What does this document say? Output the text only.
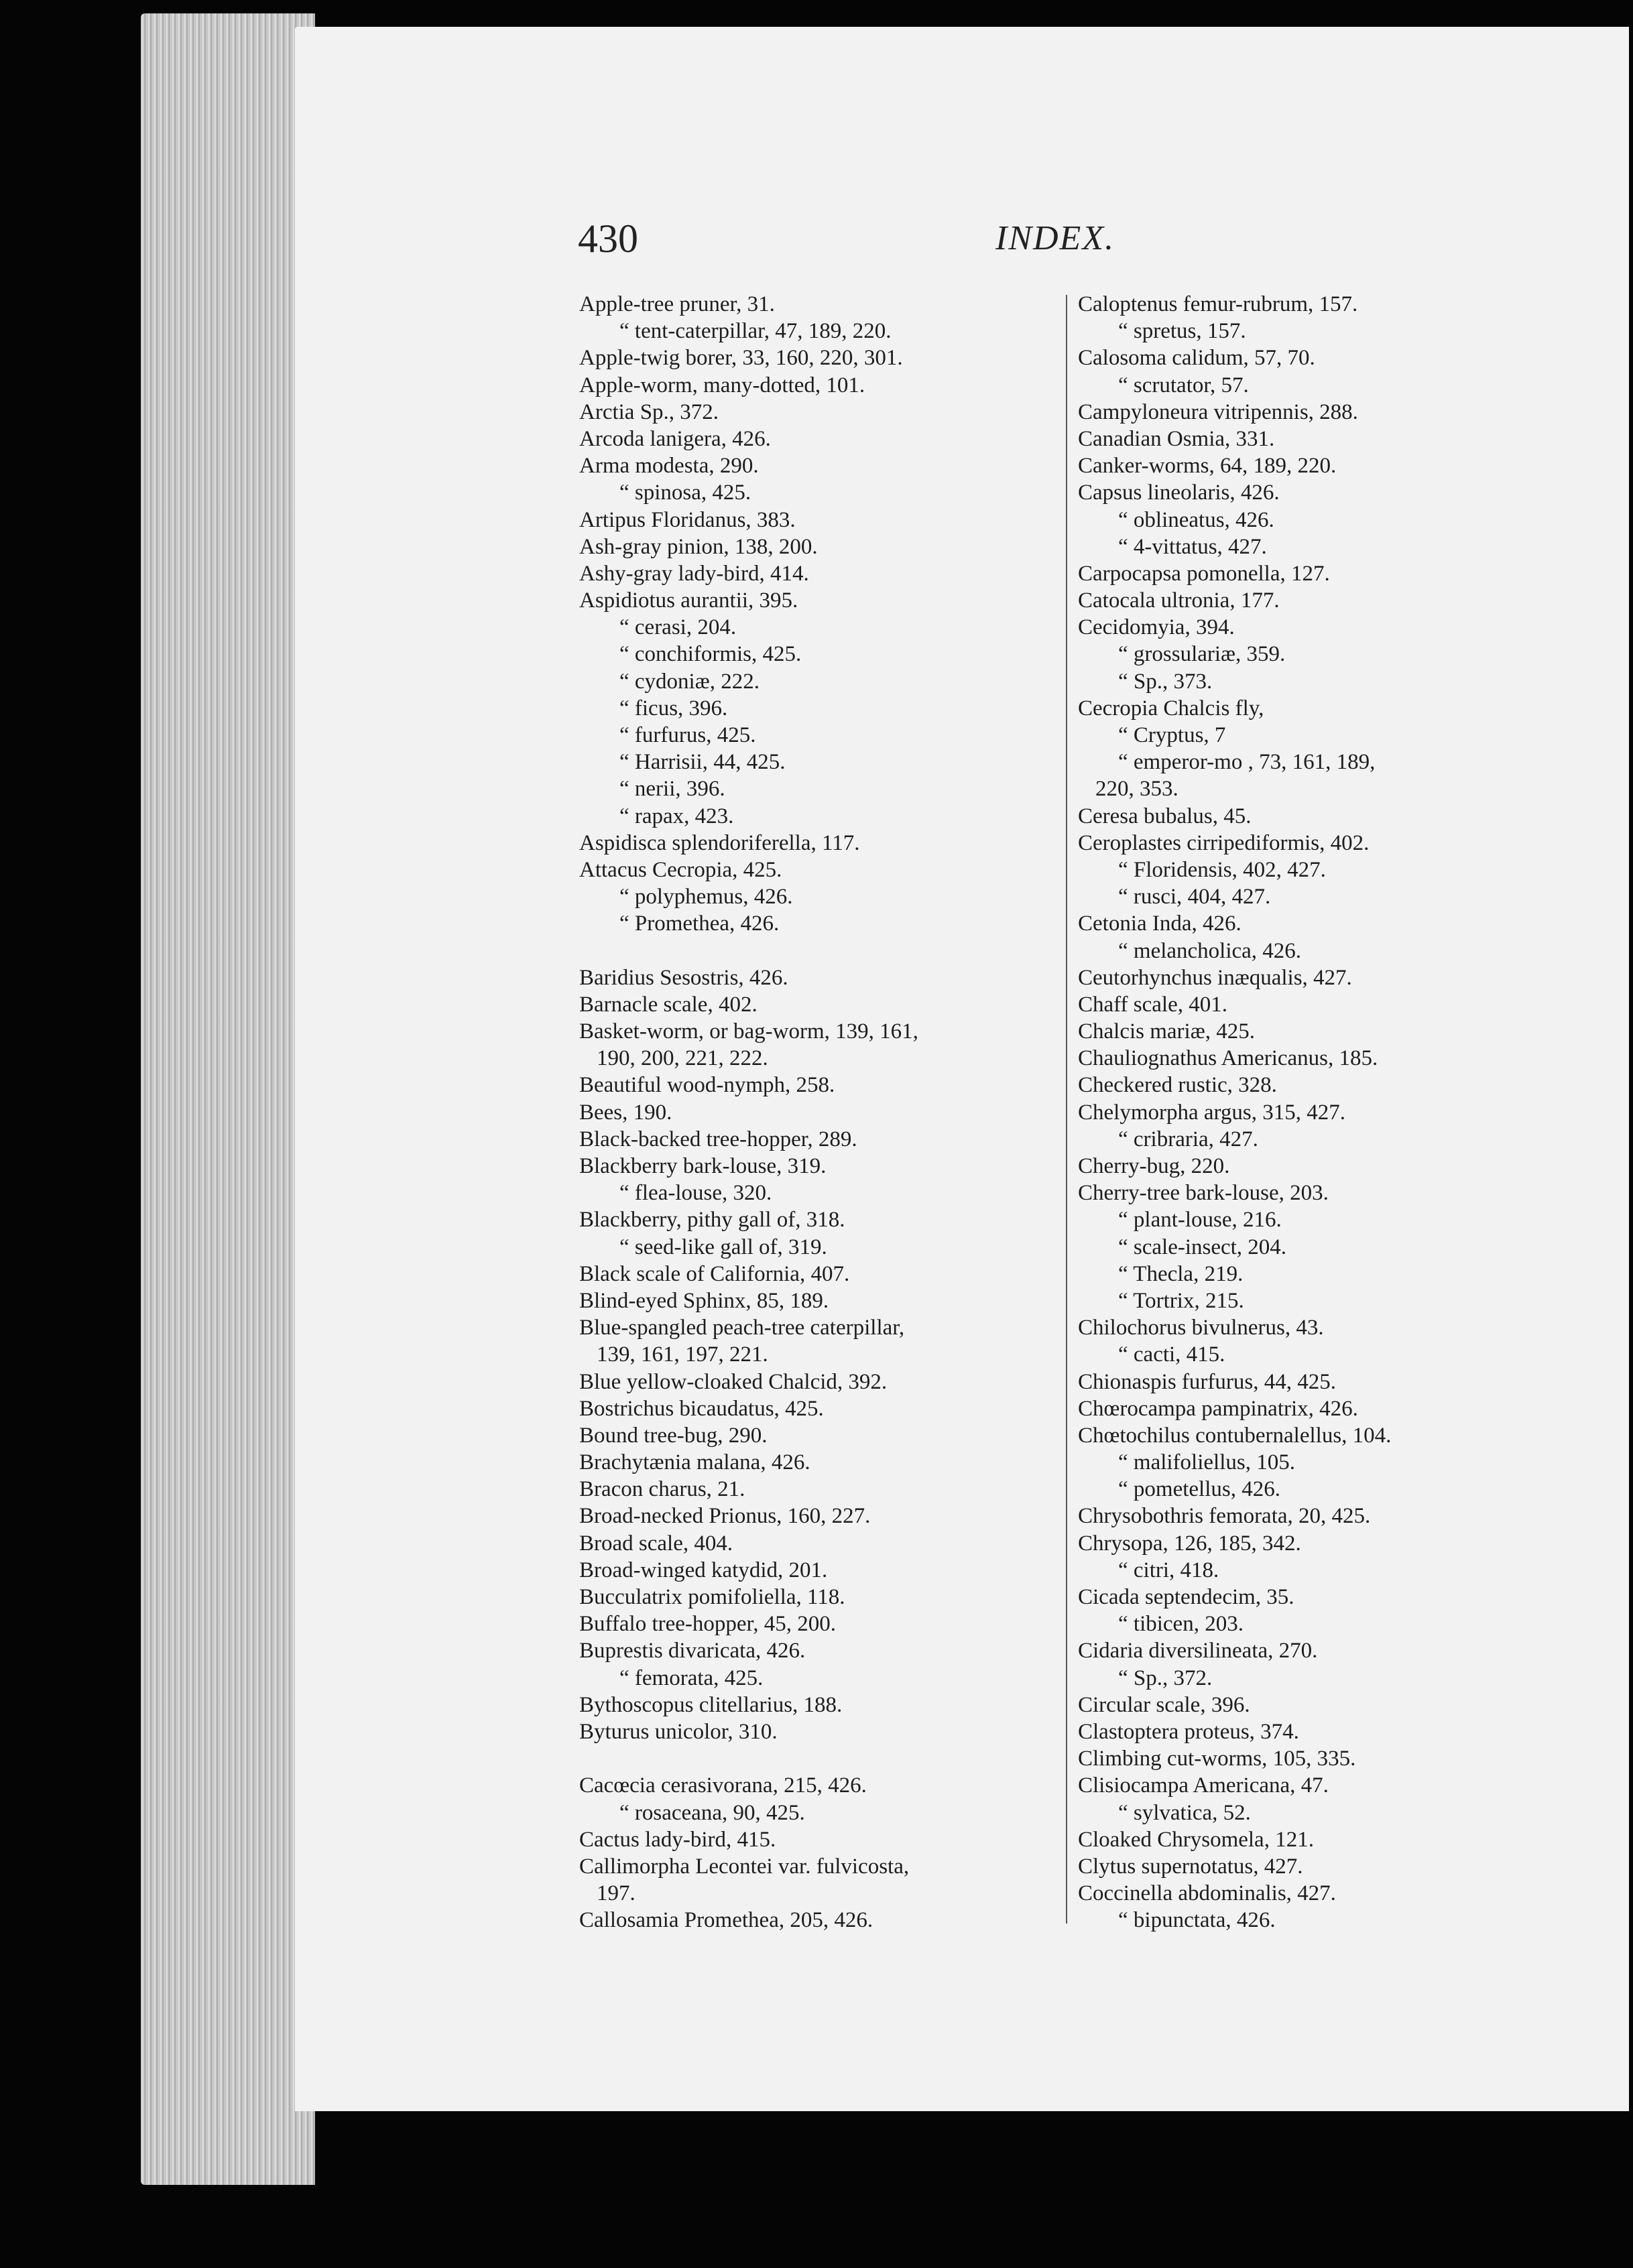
430	INDEX.
Apple-tree pruner, 31.
“ tent-caterpillar, 47, 189, 220.
Apple-twig borer, 33, 160, 220, 301.
Apple-worm, many-dotted, 101.
Arctia Sp., 372.
Arcoda lanigera, 426.
Arma modesta, 290.
“ spinosa, 425.
Artipus Floridanus, 383.
Ash-gray pinion, 138, 200.
Ashy-gray lady-bird, 414.
Aspidiotus aurantii, 395.
“ cerasi, 204.
“ conchiformis, 425.
“ cydoniæ, 222.
“ ficus, 396.
“ furfurus, 425.
“ Harrisii, 44, 425.
“ nerii, 396.
“ rapax, 423.
Aspidisca splendoriferella, 117.
Attacus Cecropia, 425.
“ polyphemus, 426.
“ Promethea, 426.
Baridius Sesostris, 426.
Barnacle scale, 402.
Basket-worm, or bag-worm, 139, 161,
190, 200, 221, 222.
Beautiful wood-nymph, 258.
Bees, 190.
Black-backed tree-hopper, 289.
Blackberry bark-louse, 319.
“ flea-louse, 320.
Blackberry, pithy gall of, 318.
“ seed-like gall of, 319.
Black scale of California, 407.
Blind-eyed Sphinx, 85, 189.
Blue-spangled peach-tree caterpillar,
139, 161, 197, 221.
Blue yellow-cloaked Chalcid, 392.
Bostrichus bicaudatus, 425.
Bound tree-bug, 290.
Brachytænia malana, 426.
Bracon charus, 21.
Broad-necked Prionus, 160, 227.
Broad scale, 404.
Broad-winged katydid, 201.
Bucculatrix pomifoliella, 118.
Buffalo tree-hopper, 45, 200.
Buprestis divaricata, 426.
“ femorata, 425.
Bythoscopus clitellarius, 188.
Byturus unicolor, 310.
Cacœcia cerasivorana, 215, 426.
“ rosaceana, 90, 425.
Cactus lady-bird, 415.
Callimorpha Lecontei var. fulvicosta,
197.
Callosamia Promethea, 205, 426.
Caloptenus femur-rubrum, 157.
“ spretus, 157.
Calosoma calidum, 57, 70.
“ scrutator, 57.
Campyloneura vitripennis, 288.
Canadian Osmia, 331.
Canker-worms, 64, 189, 220.
Capsus lineolaris, 426.
“ oblineatus, 426.
“ 4-vittatus, 427.
Carpocapsa pomonella, 127.
Catocala ultronia, 177.
Cecidomyia, 394.
“ grossulariæ, 359.
“ Sp., 373.
Cecropia Chalcis fly,
“ Cryptus, 7
“ emperor-mo , 73, 161, 189,
220, 353.
Ceresa bubalus, 45.
Ceroplastes cirripediformis, 402.
“ Floridensis, 402, 427.
“ rusci, 404, 427.
Cetonia Inda, 426.
“ melancholica, 426.
Ceutorhynchus inæqualis, 427.
Chaff scale, 401.
Chalcis mariæ, 425.
Chauliognathus Americanus, 185.
Checkered rustic, 328.
Chelymorpha argus, 315, 427.
“ cribraria, 427.
Cherry-bug, 220.
Cherry-tree bark-louse, 203.
“ plant-louse, 216.
“ scale-insect, 204.
“ Thecla, 219.
“ Tortrix, 215.
Chilochorus bivulnerus, 43.
“ cacti, 415.
Chionaspis furfurus, 44, 425.
Chœrocampa pampinatrix, 426.
Chœtochilus contubernalellus, 104.
“ malifoliellus, 105.
“ pometellus, 426.
Chrysobothris femorata, 20, 425.
Chrysopa, 126, 185, 342.
“ citri, 418.
Cicada septendecim, 35.
“ tibicen, 203.
Cidaria diversilineata, 270.
“ Sp., 372.
Circular scale, 396.
Clastoptera proteus, 374.
Climbing cut-worms, 105, 335.
Clisiocampa Americana, 47.
“ sylvatica, 52.
Cloaked Chrysomela, 121.
Clytus supernotatus, 427.
Coccinella abdominalis, 427.
“ bipunctata, 426.
